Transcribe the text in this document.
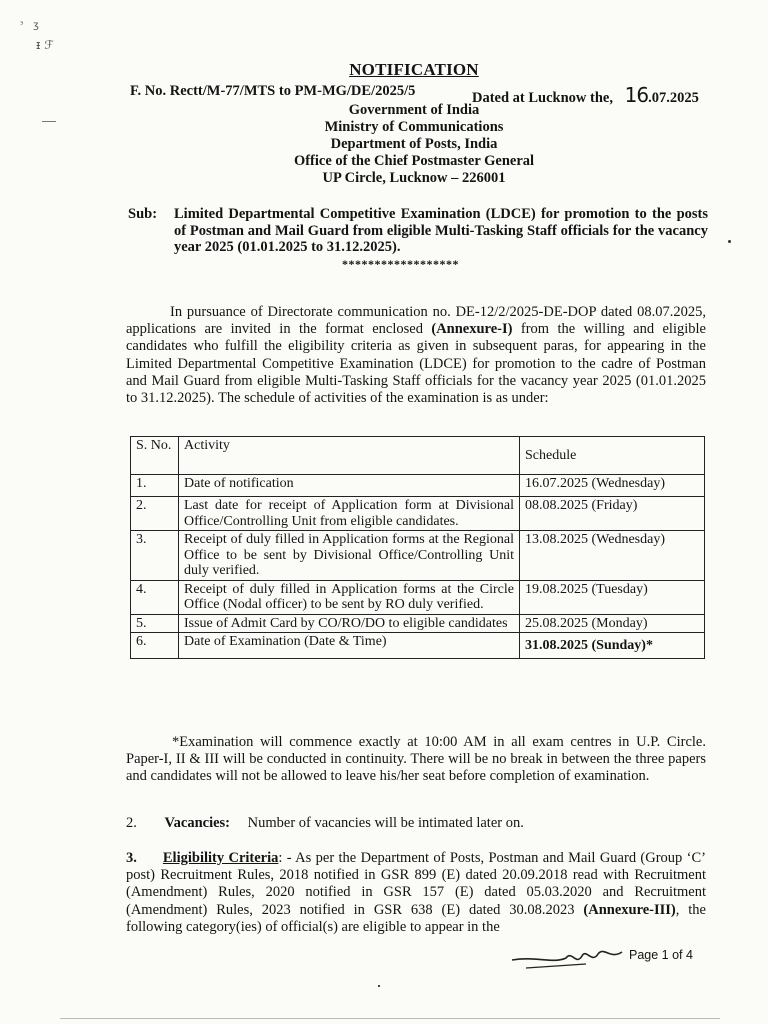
ᵌ   ʒ
ᵻ ℱ
NOTIFICATION
F. No. Rectt/M-77/MTS to PM-MG/DE/2025/5	Dated at Lucknow the, 16.07.2025
Government of India
Ministry of Communications
Department of Posts, India
Office of the Chief Postmaster General
UP Circle, Lucknow – 226001
Sub: Limited Departmental Competitive Examination (LDCE) for promotion to the posts of Postman and Mail Guard from eligible Multi-Tasking Staff officials for the vacancy year 2025 (01.01.2025 to 31.12.2025).
******************
In pursuance of Directorate communication no. DE-12/2/2025-DE-DOP dated 08.07.2025, applications are invited in the format enclosed (Annexure-I) from the willing and eligible candidates who fulfill the eligibility criteria as given in subsequent paras, for appearing in the Limited Departmental Competitive Examination (LDCE) for promotion to the cadre of Postman and Mail Guard from eligible Multi-Tasking Staff officials for the vacancy year 2025 (01.01.2025 to 31.12.2025). The schedule of activities of the examination is as under:
S. No.	Activity	Schedule
1.	Date of notification	16.07.2025 (Wednesday)
2.	Last date for receipt of Application form at Divisional Office/Controlling Unit from eligible candidates.	08.08.2025 (Friday)
3.	Receipt of duly filled in Application forms at the Regional Office to be sent by Divisional Office/Controlling Unit duly verified.	13.08.2025 (Wednesday)
4.	Receipt of duly filled in Application forms at the Circle Office (Nodal officer) to be sent by RO duly verified.	19.08.2025 (Tuesday)
5.	Issue of Admit Card by CO/RO/DO to eligible candidates	25.08.2025 (Monday)
6.	Date of Examination (Date & Time)	31.08.2025 (Sunday)*
*Examination will commence exactly at 10:00 AM in all exam centres in U.P. Circle. Paper-I, II & III will be conducted in continuity. There will be no break in between the three papers and candidates will not be allowed to leave his/her seat before completion of examination.
2. Vacancies: Number of vacancies will be intimated later on.
3. Eligibility Criteria: - As per the Department of Posts, Postman and Mail Guard (Group ‘C’ post) Recruitment Rules, 2018 notified in GSR 899 (E) dated 20.09.2018 read with Recruitment (Amendment) Rules, 2020 notified in GSR 157 (E) dated 05.03.2020 and Recruitment (Amendment) Rules, 2023 notified in GSR 638 (E) dated 30.08.2023 (Annexure-III), the following category(ies) of official(s) are eligible to appear in the
Page 1 of 4
